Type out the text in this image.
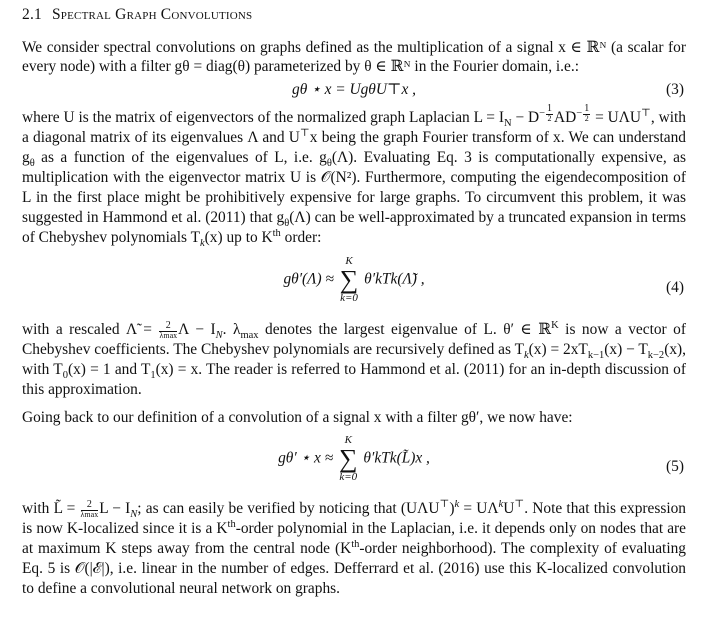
2.1 Spectral Graph Convolutions

We consider spectral convolutions on graphs defined as the multiplication of a signal x ∈ ℝᴺ (a scalar for every node) with a filter gθ = diag(θ) parameterized by θ ∈ ℝᴺ in the Fourier domain, i.e.:

gθ ⋆ x = UgθU⊤x ,	(3)

where U is the matrix of eigenvectors of the normalized graph Laplacian $L = I_N - D^{- \frac{1}{2}}$ $AD^{- \frac{1}{2}} = U\Lambda U^⊤$, with a diagonal matrix of its eigenvalues Λ and U⊤x being the graph Fourier transform of x. We can understand $g_\theta$ as a function of the eigenvalues of L, i.e. $g_\theta(\Lambda)$. Evaluating Eq. 3 is computationally expensive, as multiplication with the eigenvector matrix U is 𝒪(N²). Furthermore, computing the eigendecomposition of L in the first place might be prohibitively expensive for large graphs. To circumvent this problem, it was suggested in Hammond et al. (2011) that $g_\theta(\Lambda)$ can be well-approximated by a truncated expansion in terms of Chebyshev polynomials $T_k(x)$ up to $K^{th}$ order:

gθ′(Λ) ≈
K
∑
k=0
θ′kTk(Λ̃) ,	(4)

with a rescaled Λ̃ = $\frac{2}{\lambda\max}$ $\Lambda - I_N$. $\lambda_{max}$ denotes the largest eigenvalue of L. θ′ ∈ ℝ$^K$ is now a vector of Chebyshev coefficients. The Chebyshev polynomials are recursively defined as $T_k(x) = 2xT_{k-1}(x) - T_{k-2}(x)$, with $T_0(x) = 1$ and $T_1(x) = x$. The reader is referred to Hammond et al. (2011) for an in-depth discussion of this approximation.

Going back to our definition of a convolution of a signal x with a filter gθ′, we now have:

gθ′ ⋆ x ≈
K
∑
k=0
θ′kTk(L̃)x ,	(5)

with L̃ = $\frac{2}{\lambda\max}$ $L - I_N$; as can easily be verified by noticing that $(U\Lambda U^⊤)^k = U\Lambda^kU^⊤$. Note that this expression is now K-localized since it is a $K^{th}$-order polynomial in the Laplacian, i.e. it depends only on nodes that are at maximum K steps away from the central node ($K^{th}$-order neighborhood). The complexity of evaluating Eq. 5 is 𝒪(|ℰ|), i.e. linear in the number of edges. Defferrard et al. (2016) use this K-localized convolution to define a convolutional neural network on graphs.
